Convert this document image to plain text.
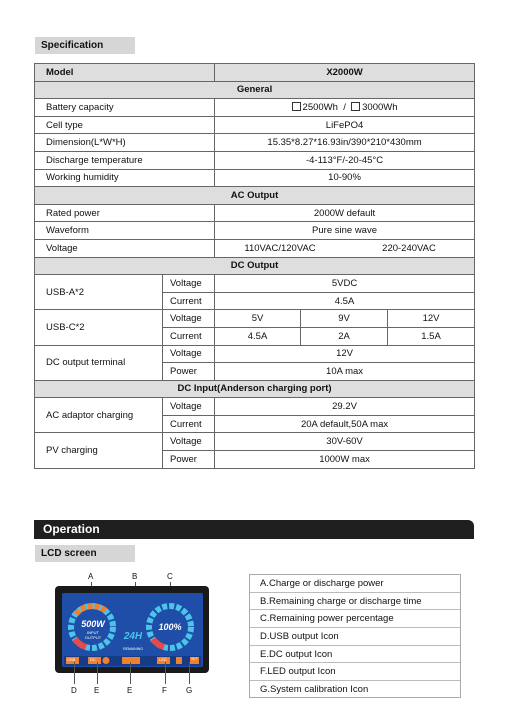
Specification
Model		X2000W		
General				
Battery capacity		2500Wh / 3000Wh		
Cell type		LiFePO4		
Dimension(L*W*H)		15.35*8.27*16.93in/390*210*430mm		
Discharge temperature		-4-113°F/-20-45°C		
Working humidity		10-90%		
AC Output				
Rated power		2000W default		
Waveform		Pure sine wave		
Voltage		110VAC/120VAC 220-240VAC		
DC Output				
USB-A*2	Voltage	5VDC		
	Current	4.5A		
USB-C*2	Voltage	5V	9V	12V
	Current	4.5A	2A	1.5A
DC output terminal	Voltage	12V		
	Power	10A max		
DC Input(Anderson charging port)				
AC adaptor charging	Voltage	29.2V		
	Current	20A default,50A max		
PV charging	Voltage	30V-60V		
	Power	1000W max		
Operation
LCD screen
A	B	C
500W
INPUT
OUTPUT	24H
REMAINING
100%
USB	DC	LED	SET
D E	E	F G
A.Charge or discharge power
B.Remaining charge or discharge time
C.Remaining power percentage
D.USB output Icon
E.DC output Icon
F.LED output Icon
G.System calibration Icon
